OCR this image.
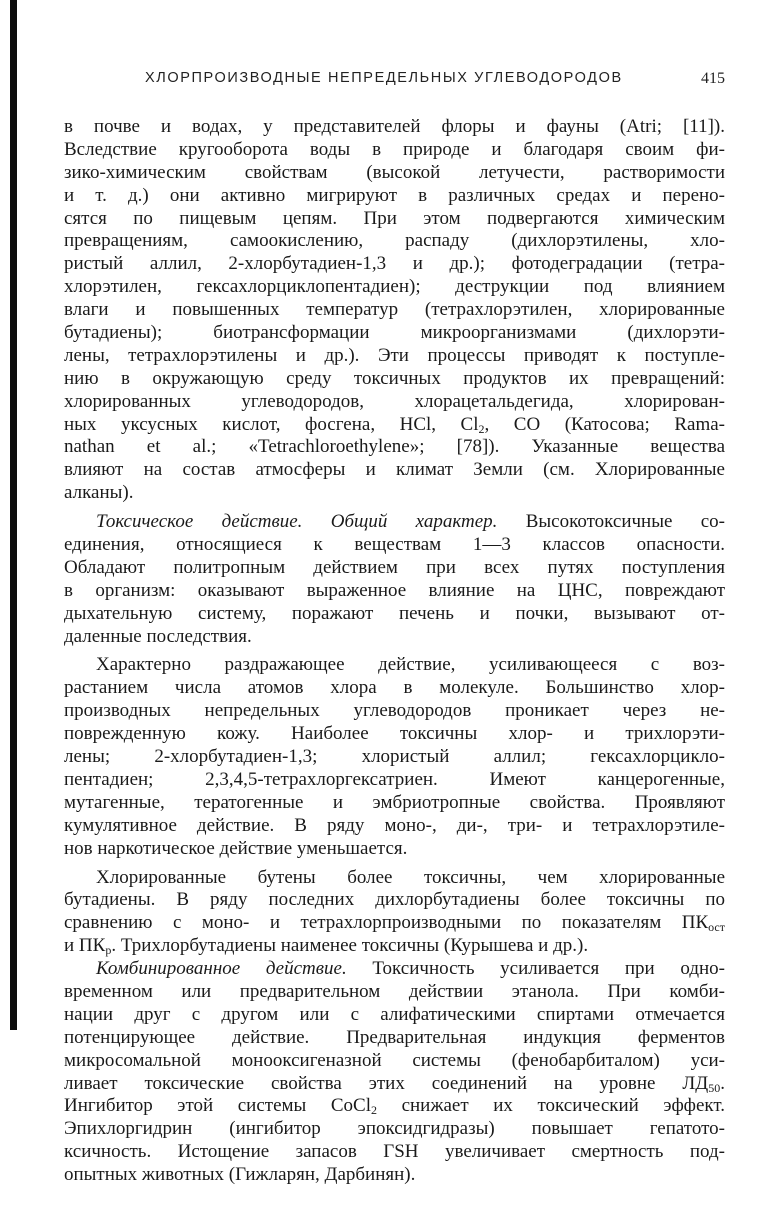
ХЛОРПРОИЗВОДНЫЕ НЕПРЕДЕЛЬНЫХ УГЛЕВОДОРОДОВ	415
в почве и водах, у представителей флоры и фауны (Atri; [11]).
Вследствие кругооборота воды в природе и благодаря своим фи-
зико-химическим свойствам (высокой летучести, растворимости
и т. д.) они активно мигрируют в различных средах и перено-
сятся по пищевым цепям. При этом подвергаются химическим
превращениям, самоокислению, распаду (дихлорэтилены, хло-
ристый аллил, 2-хлорбутадиен-1,3 и др.); фотодеградации (тетра-
хлорэтилен, гексахлорциклопентадиен); деструкции под влиянием
влаги и повышенных температур (тетрахлорэтилен, хлорированные
бутадиены); биотрансформации микроорганизмами (дихлорэти-
лены, тетрахлорэтилены и др.). Эти процессы приводят к поступле-
нию в окружающую среду токсичных продуктов их превращений:
хлорированных углеводородов, хлорацетальдегида, хлорирован-
ных уксусных кислот, фосгена, HCl, $Cl_2$, CO (Катосова; Rama-
nathan et al.; «Tetrachloroethylene»; [78]). Указанные вещества
влияют на состав атмосферы и климат Земли (см. Хлорированные
алканы).
Токсическое действие. Общий характер. Высокотоксичные со-
единения, относящиеся к веществам 1—3 классов опасности.
Обладают политропным действием при всех путях поступления
в организм: оказывают выраженное влияние на ЦНС, повреждают
дыхательную систему, поражают печень и почки, вызывают от-
даленные последствия.
Характерно раздражающее действие, усиливающееся с воз-
растанием числа атомов хлора в молекуле. Большинство хлор-
производных непредельных углеводородов проникает через не-
поврежденную кожу. Наиболее токсичны хлор- и трихлорэти-
лены; 2-хлорбутадиен-1,3; хлористый аллил; гексахлорцикло-
пентадиен; 2,3,4,5-тетрахлоргексатриен. Имеют канцерогенные,
мутагенные, тератогенные и эмбриотропные свойства. Проявляют
кумулятивное действие. В ряду моно-, ди-, три- и тетрахлорэтиле-
нов наркотическое действие уменьшается.
Хлорированные бутены более токсичны, чем хлорированные
бутадиены. В ряду последних дихлорбутадиены более токсичны по
сравнению с моно- и тетрахлорпроизводными по показателям $ПК_{ост}$
и $ПК_р$. Трихлорбутадиены наименее токсичны (Курышева и др.).
Комбинированное действие. Токсичность усиливается при одно-
временном или предварительном действии этанола. При комби-
нации друг с другом или с алифатическими спиртами отмечается
потенцирующее действие. Предварительная индукция ферментов
микросомальной монооксигеназной системы (фенобарбиталом) уси-
ливает токсические свойства этих соединений на уровне $ЛД_{50}$.
Ингибитор этой системы CoCl$_2$ снижает их токсический эффект.
Эпихлоргидрин (ингибитор эпоксидгидразы) повышает гепатото-
ксичность. Истощение запасов ГSH увеличивает смертность под-
опытных животных (Гижларян, Дарбинян).
